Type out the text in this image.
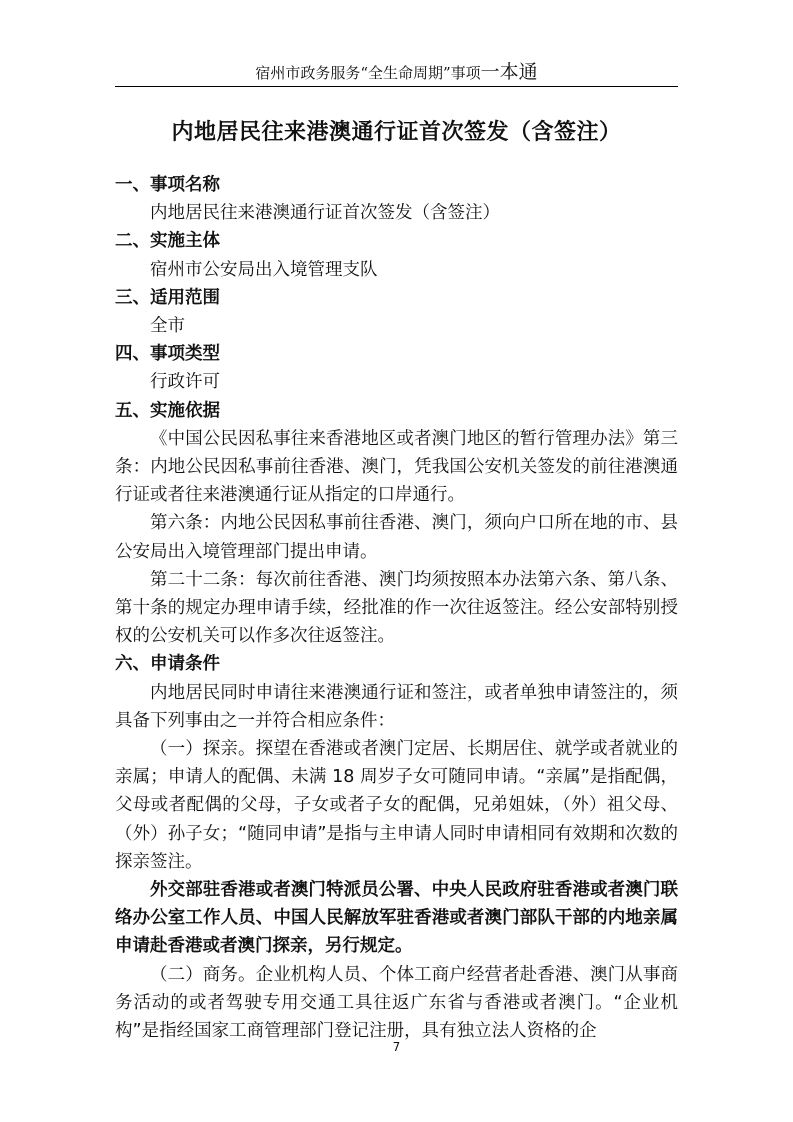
宿州市政务服务“全生命周期”事项一本通
内地居民往来港澳通行证首次签发（含签注）

一、事项名称

内地居民往来港澳通行证首次签发（含签注）

二、实施主体

宿州市公安局出入境管理支队

三、适用范围

全市

四、事项类型

行政许可

五、实施依据

《中国公民因私事往来香港地区或者澳门地区的暂行管理办法》第三条：内地公民因私事前往香港、澳门，凭我国公安机关签发的前往港澳通行证或者往来港澳通行证从指定的口岸通行。

第六条：内地公民因私事前往香港、澳门，须向户口所在地的市、县公安局出入境管理部门提出申请。

第二十二条：每次前往香港、澳门均须按照本办法第六条、第八条、第十条的规定办理申请手续，经批准的作一次往返签注。经公安部特别授权的公安机关可以作多次往返签注。

六、申请条件

内地居民同时申请往来港澳通行证和签注，或者单独申请签注的，须具备下列事由之一并符合相应条件：

（一）探亲。探望在香港或者澳门定居、长期居住、就学或者就业的亲属；申请人的配偶、未满 18 周岁子女可随同申请。“亲属”是指配偶，父母或者配偶的父母，子女或者子女的配偶，兄弟姐妹，（外）祖父母、（外）孙子女；“随同申请”是指与主申请人同时申请相同有效期和次数的探亲签注。

外交部驻香港或者澳门特派员公署、中央人民政府驻香港或者澳门联络办公室工作人员、中国人民解放军驻香港或者澳门部队干部的内地亲属申请赴香港或者澳门探亲，另行规定。

（二）商务。企业机构人员、个体工商户经营者赴香港、澳门从事商务活动的或者驾驶专用交通工具往返广东省与香港或者澳门。“企业机构”是指经国家工商管理部门登记注册，具有独立法人资格的企

7
